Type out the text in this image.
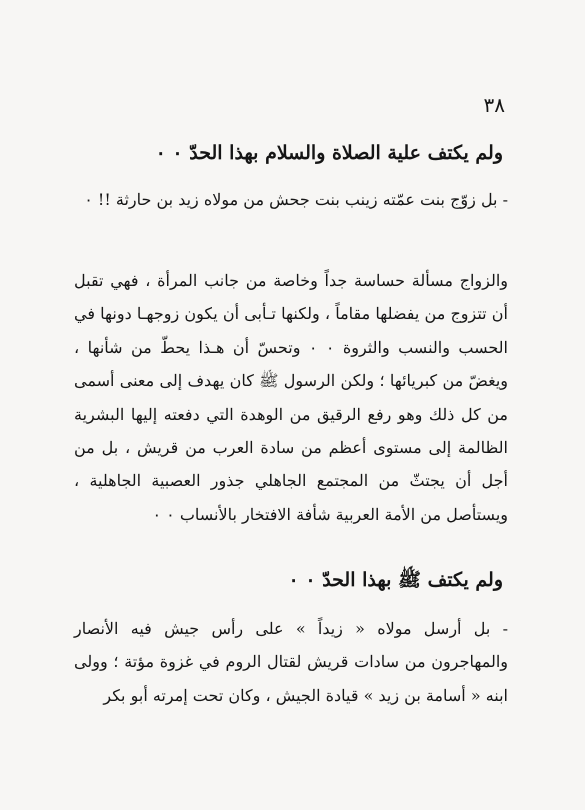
٣٨

ولم يكتف علية الصلاة والسلام بهذا الحدّ ٠ ٠

- بل زوّج بنت عمّته زينب بنت جحش من مولاه زيد بن حارثة !! ٠

والزواج مسألة حساسة جداً وخاصة من جانب المرأة ، فهي تقبل أن تتزوج من يفضلها مقاماً ، ولكنها تـأبى أن يكون زوجهـا دونها في الحسب والنسب والثروة ٠ ٠ وتحسّ أن هـذا يحطّ من شأنها ، ويغضّ من كبريائها ؛ ولكن الرسول ﷺ كان يهدف إلى معنى أسمى من كل ذلك وهو رفع الرقيق من الوهدة التي دفعته إليها البشرية الظالمة إلى مستوى أعظم من سادة العرب من قريش ، بل من أجل أن يجتثّ من المجتمع الجاهلي جذور العصبية الجاهلية ، ويستأصل من الأمة العربية شأفة الافتخار بالأنساب ٠ ٠

ولم يكتف ﷺ بهذا الحدّ ٠ ٠

- بل أرسل مولاه « زيداً » على رأس جيش فيه الأنصار والمهاجرون من سادات قريش لقتال الروم في غزوة مؤتة ؛ وولى ابنه « أسامة بن زيد » قيادة الجيش ، وكان تحت إمرته أبو بكر
